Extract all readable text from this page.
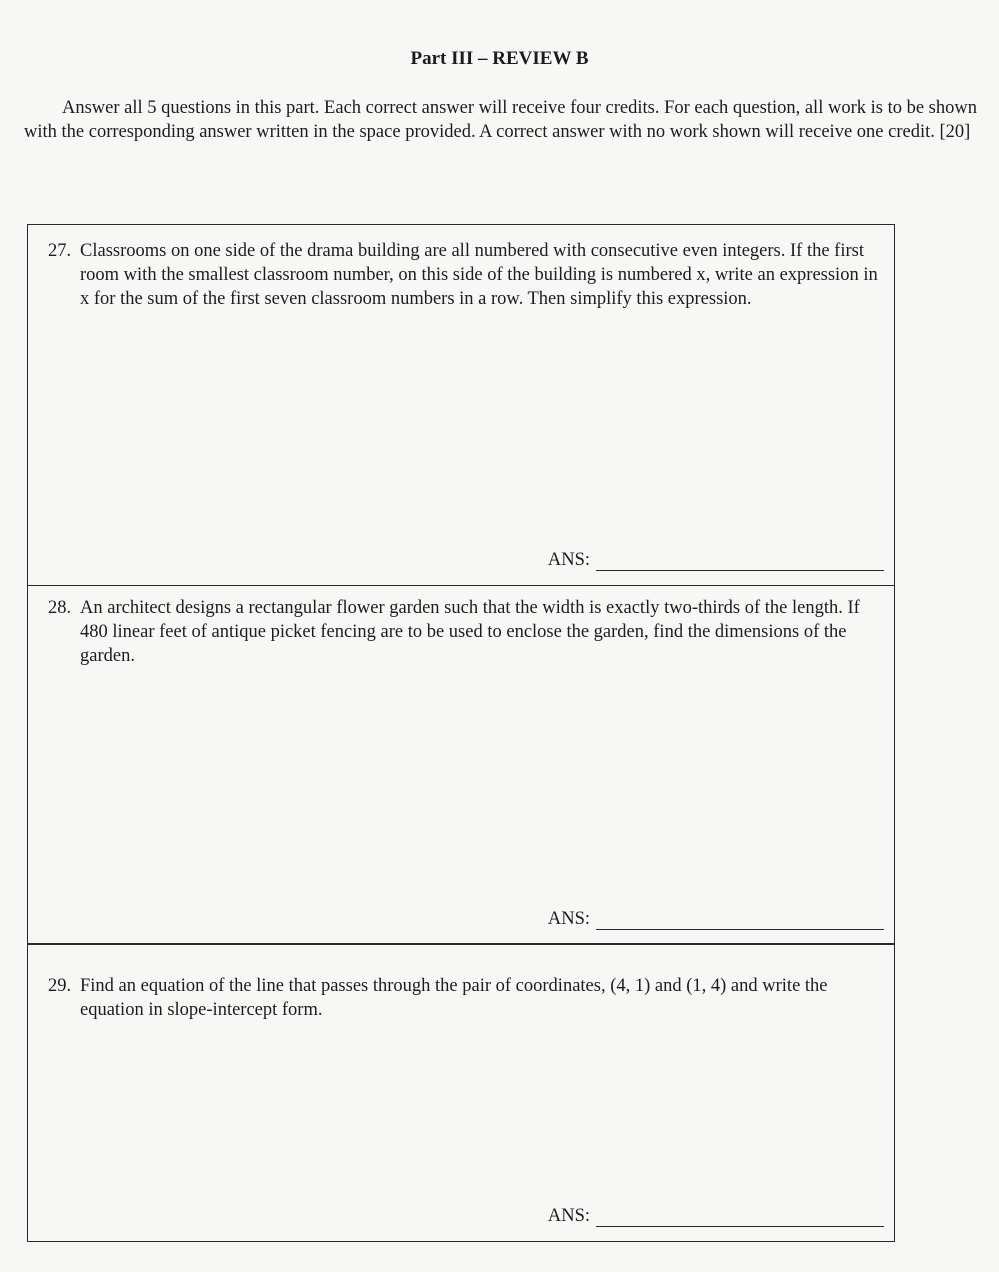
Part III – REVIEW B
Answer all 5 questions in this part. Each correct answer will receive four credits. For each question, all work is to be shown with the corresponding answer written in the space provided. A correct answer with no work shown will receive one credit. [20]
27. Classrooms on one side of the drama building are all numbered with consecutive even integers. If the first room with the smallest classroom number, on this side of the building is numbered x, write an expression in x for the sum of the first seven classroom numbers in a row. Then simplify this expression.
ANS:
28. An architect designs a rectangular flower garden such that the width is exactly two-thirds of the length. If 480 linear feet of antique picket fencing are to be used to enclose the garden, find the dimensions of the garden.
ANS:
29. Find an equation of the line that passes through the pair of coordinates, (4, 1) and (1, 4) and write the equation in slope-intercept form.
ANS:
